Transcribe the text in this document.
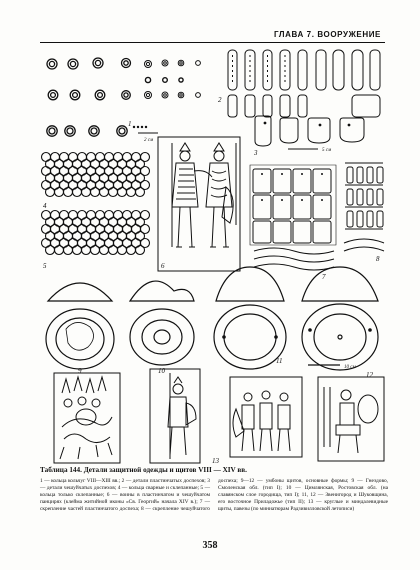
ГЛАВА 7. ВООРУЖЕНИЕ
1
2 см
2
3	5 см
4
5	6
7
8
9	10
11
10 см
12
13
Таблица 144. Детали защитной одежды и щитов VIII — XIV вв.
1 — кольца кольчуг VIII—XIII вв.; 2 — детали пластинчатых доспехов; 3 — детали чешуйчатых доспехов; 4 — кольца сварные и склепанные; 5 — кольца только склепанные; 6 — воины в пластинчатом и чешуйчатом панцирях (клейма житийной иконы «Св. Георгий» начала XIV в.); 7 — скрепление частей пластинчатого доспеха; 8 — скрепление чешуйчатого доспеха; 9—12 — умбоны щитов, основные формы; 9 — Гнездово, Смоленская обл. (тип I); 10 — Цимлянская, Ростовская обл. (на славянском слое городища, тип I); 11, 12 — Звенигород и Шуковщина, его восточное Приладожье (тип II); 13 — круглые и миндалевидные щиты, павезы (по миниатюрам Радзивилловской летописи)
358
